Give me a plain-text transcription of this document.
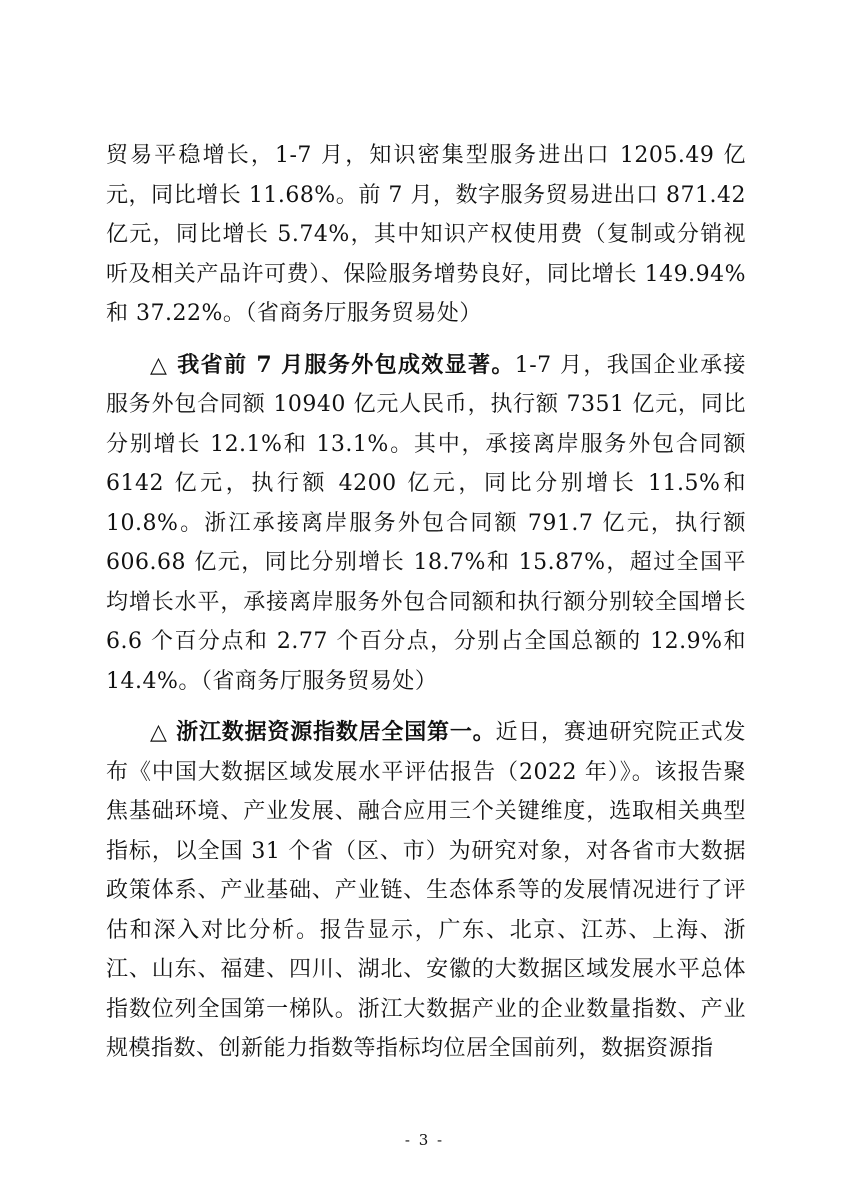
贸易平稳增长，1-7 月，知识密集型服务进出口 1205.49 亿元，同比增长 11.68%。前 7 月，数字服务贸易进出口 871.42 亿元，同比增长 5.74%，其中知识产权使用费（复制或分销视听及相关产品许可费）、保险服务增势良好，同比增长 149.94%和 37.22%。（省商务厅服务贸易处）

△ 我省前 7 月服务外包成效显著。1-7 月，我国企业承接服务外包合同额 10940 亿元人民币，执行额 7351 亿元，同比分别增长 12.1%和 13.1%。其中，承接离岸服务外包合同额 6142 亿元，执行额 4200 亿元，同比分别增长 11.5%和 10.8%。浙江承接离岸服务外包合同额 791.7 亿元，执行额 606.68 亿元，同比分别增长 18.7%和 15.87%，超过全国平均增长水平，承接离岸服务外包合同额和执行额分别较全国增长 6.6 个百分点和 2.77 个百分点，分别占全国总额的 12.9%和 14.4%。（省商务厅服务贸易处）

△ 浙江数据资源指数居全国第一。近日，赛迪研究院正式发布《中国大数据区域发展水平评估报告（2022 年）》。该报告聚焦基础环境、产业发展、融合应用三个关键维度，选取相关典型指标，以全国 31 个省（区、市）为研究对象，对各省市大数据政策体系、产业基础、产业链、生态体系等的发展情况进行了评估和深入对比分析。报告显示，广东、北京、江苏、上海、浙江、山东、福建、四川、湖北、安徽的大数据区域发展水平总体指数位列全国第一梯队。浙江大数据产业的企业数量指数、产业规模指数、创新能力指数等指标均位居全国前列，数据资源指

- 3 -
